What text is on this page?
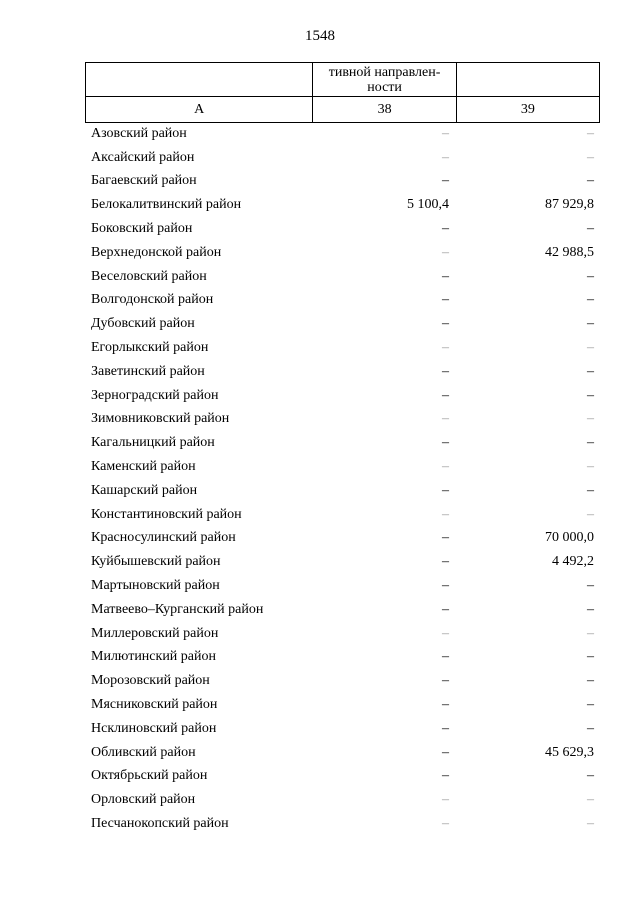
1548
	тивной направлен-
ности	
А	38	39
Азовский район	–	–
Аксайский район	–	–
Багаевский район	–	–
Белокалитвинский район	5 100,4	87 929,8
Боковский район	–	–
Верхнедонской район	–	42 988,5
Веселовский район	–	–
Волгодонской район	–	–
Дубовский район	–	–
Егорлыкский район	–	–
Заветинский район	–	–
Зерноградский район	–	–
Зимовниковский район	–	–
Кагальницкий район	–	–
Каменский район	–	–
Кашарский район	–	–
Константиновский район	–	–
Красносулинский район	–	70 000,0
Куйбышевский район	–	4 492,2
Мартыновский район	–	–
Матвеево–Курганский район	–	–
Миллеровский район	–	–
Милютинский район	–	–
Морозовский район	–	–
Мясниковский район	–	–
Нсклиновский район	–	–
Обливский район	–	45 629,3
Октябрьский район	–	–
Орловский район	–	–
Песчанокопский район	–	–
